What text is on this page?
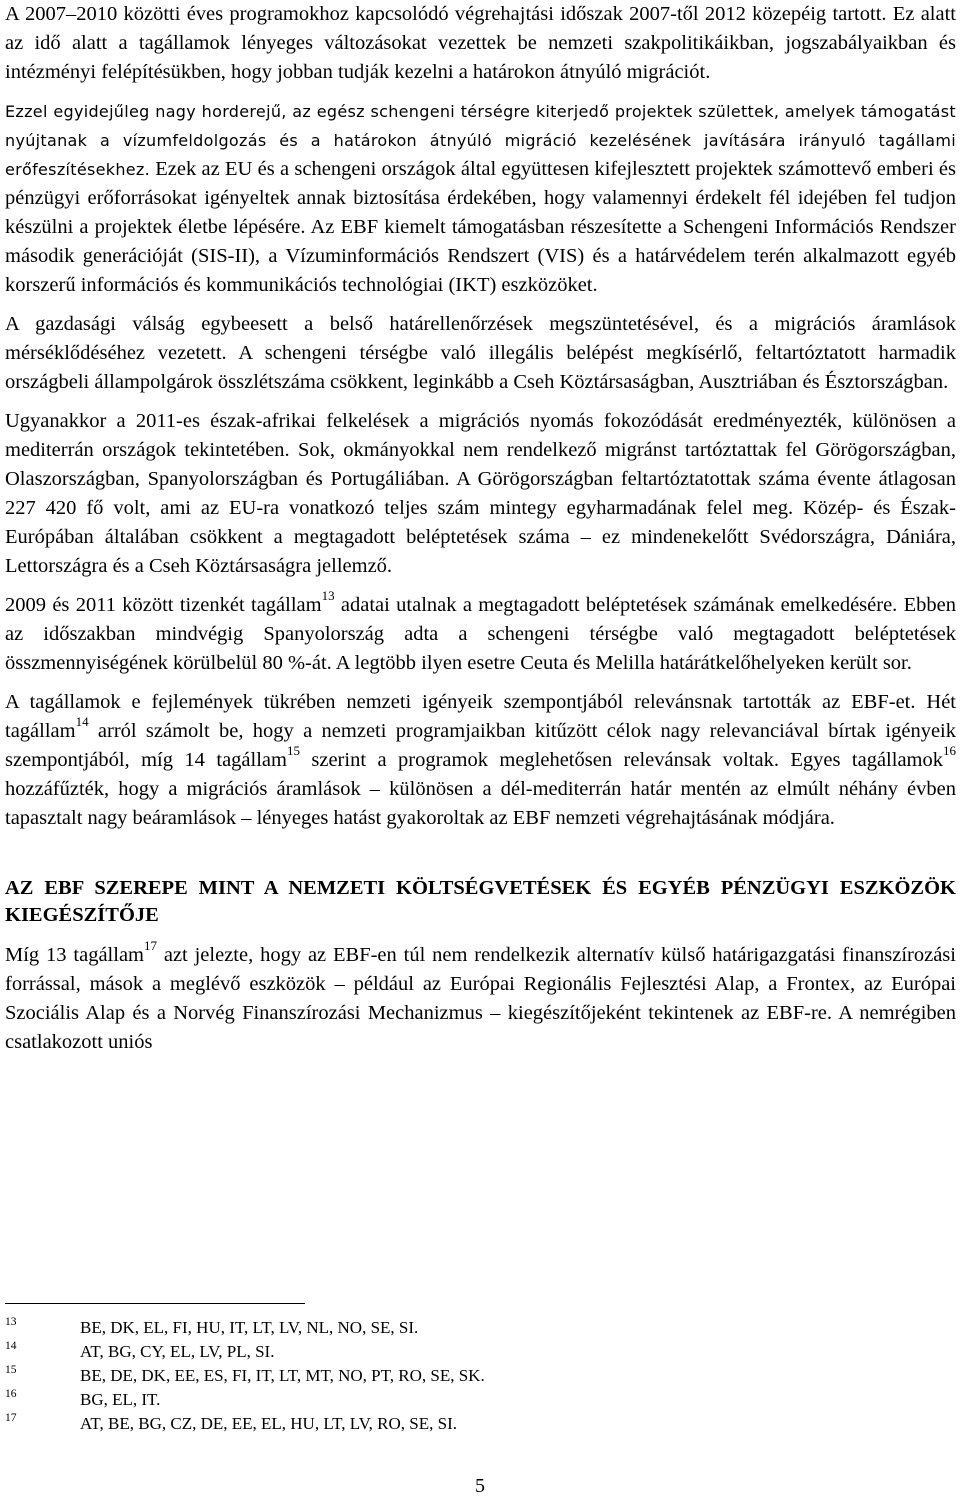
A 2007–2010 közötti éves programokhoz kapcsolódó végrehajtási időszak 2007-től 2012 közepéig tartott. Ez alatt az idő alatt a tagállamok lényeges változásokat vezettek be nemzeti szakpolitikáikban, jogszabályaikban és intézményi felépítésükben, hogy jobban tudják kezelni a határokon átnyúló migrációt.

Ezzel egyidejűleg nagy horderejű, az egész schengeni térségre kiterjedő projektek születtek, amelyek támogatást nyújtanak a vízumfeldolgozás és a határokon átnyúló migráció kezelésének javítására irányuló tagállami erőfeszítésekhez. Ezek az EU és a schengeni országok által együttesen kifejlesztett projektek számottevő emberi és pénzügyi erőforrásokat igényeltek annak biztosítása érdekében, hogy valamennyi érdekelt fél idejében fel tudjon készülni a projektek életbe lépésére. Az EBF kiemelt támogatásban részesítette a Schengeni Információs Rendszer második generációját (SIS-II), a Vízuminformációs Rendszert (VIS) és a határvédelem terén alkalmazott egyéb korszerű információs és kommunikációs technológiai (IKT) eszközöket.

A gazdasági válság egybeesett a belső határellenőrzések megszüntetésével, és a migrációs áramlások mérséklődéséhez vezetett. A schengeni térségbe való illegális belépést megkísérlő, feltartóztatott harmadik országbeli állampolgárok összlétszáma csökkent, leginkább a Cseh Köztársaságban, Ausztriában és Észtországban.

Ugyanakkor a 2011-es észak-afrikai felkelések a migrációs nyomás fokozódását eredményezték, különösen a mediterrán országok tekintetében. Sok, okmányokkal nem rendelkező migránst tartóztattak fel Görögországban, Olaszországban, Spanyolországban és Portugáliában. A Görögországban feltartóztatottak száma évente átlagosan 227 420 fő volt, ami az EU-ra vonatkozó teljes szám mintegy egyharmadának felel meg. Közép- és Észak-Európában általában csökkent a megtagadott beléptetések száma – ez mindenekelőtt Svédországra, Dániára, Lettországra és a Cseh Köztársaságra jellemző.

2009 és 2011 között tizenkét tagállam$^{13}$ adatai utalnak a megtagadott beléptetések számának emelkedésére. Ebben az időszakban mindvégig Spanyolország adta a schengeni térségbe való megtagadott beléptetések összmennyiségének körülbelül 80 %-át. A legtöbb ilyen esetre Ceuta és Melilla határátkelőhelyeken került sor.

A tagállamok e fejlemények tükrében nemzeti igényeik szempontjából relevánsnak tartották az EBF-et. Hét tagállam$^{14}$ arról számolt be, hogy a nemzeti programjaikban kitűzött célok nagy relevanciával bírtak igényeik szempontjából, míg 14 tagállam$^{15}$ szerint a programok meglehetősen relevánsak voltak. Egyes tagállamok$^{16}$ hozzáfűzték, hogy a migrációs áramlások – különösen a dél-mediterrán határ mentén az elmúlt néhány évben tapasztalt nagy beáramlások – lényeges hatást gyakoroltak az EBF nemzeti végrehajtásának módjára.

AZ EBF SZEREPE MINT A NEMZETI KÖLTSÉGVETÉSEK ÉS EGYÉB PÉNZÜGYI ESZKÖZÖK KIEGÉSZÍTŐJE

Míg 13 tagállam$^{17}$ azt jelezte, hogy az EBF-en túl nem rendelkezik alternatív külső határigazgatási finanszírozási forrással, mások a meglévő eszközök – például az Európai Regionális Fejlesztési Alap, a Frontex, az Európai Szociális Alap és a Norvég Finanszírozási Mechanizmus – kiegészítőjeként tekintenek az EBF-re. A nemrégiben csatlakozott uniós

13	BE, DK, EL, FI, HU, IT, LT, LV, NL, NO, SE, SI.
14	AT, BG, CY, EL, LV, PL, SI.
15	BE, DE, DK, EE, ES, FI, IT, LT, MT, NO, PT, RO, SE, SK.
16	BG, EL, IT.
17	AT, BE, BG, CZ, DE, EE, EL, HU, LT, LV, RO, SE, SI.
5
